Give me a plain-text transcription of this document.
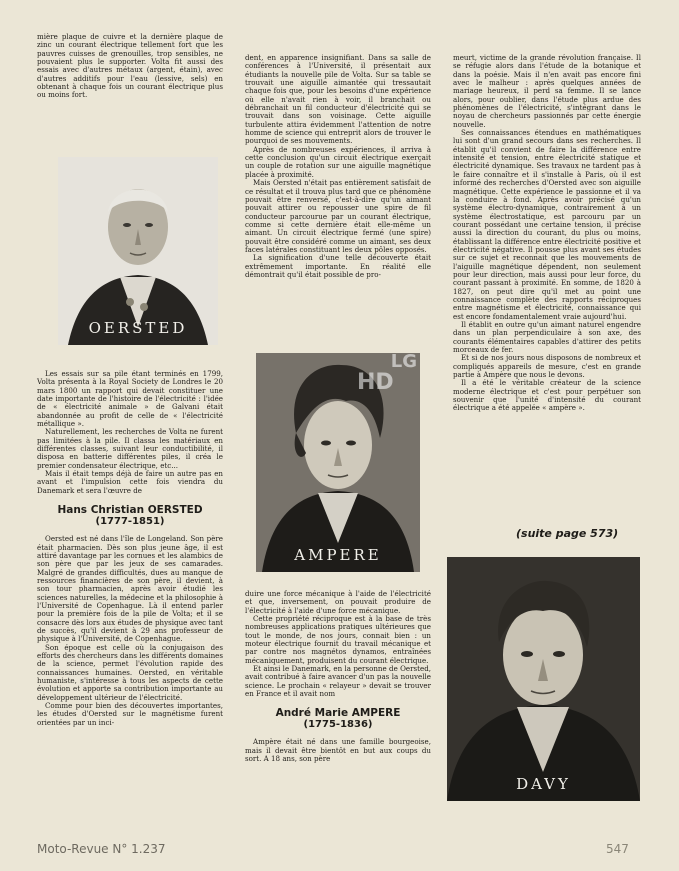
mière plaque de cuivre et la dernière plaque de zinc un courant électrique tellement fort que les pauvres cuisses de grenouilles, trop sensibles, ne pouvaient plus le supporter. Volta fit aussi des essais avec d'autres métaux (argent, étain), avec d'autres additifs pour l'eau (lessive, sels) en obtenant à chaque fois un courant électrique plus ou moins fort.

OERSTED

Les essais sur sa pile étant terminés en 1799, Volta présenta à la Royal Society de Londres le 20 mars 1800 un rapport qui devait constituer une date importante de l'histoire de l'électricité : l'idée de « électricité animale » de Galvani était abandonnée au profit de celle de « l'électricité métallique ».

Naturellement, les recherches de Volta ne furent pas limitées à la pile. Il classa les matériaux en différentes classes, suivant leur conductibilité, il disposa en batterie différentes piles, il créa le premier condensateur électrique, etc...

Mais il était temps déjà de faire un autre pas en avant et l'impulsion cette fois viendra du Danemark et sera l'œuvre de

Hans Christian OERSTED
(1777-1851)

Oersted est né dans l'île de Longeland. Son père était pharmacien. Dès son plus jeune âge, il est attiré davantage par les cornues et les alambics de son père que par les jeux de ses camarades. Malgré de grandes difficultés, dues au manque de ressources financières de son père, il devient, à son tour pharmacien, après avoir étudié les sciences naturelles, la médecine et la philosophie à l'Université de Copenhague. Là il entend parler pour la première fois de la pile de Volta; et il se consacre dès lors aux études de physique avec tant de succès, qu'il devient à 29 ans professeur de physique à l'Université, de Copenhague.

Son époque est celle où la conjugaison des efforts des chercheurs dans les différents domaines de la science, permet l'évolution rapide des connaissances humaines. Oersted, en véritable humaniste, s'intéresse à tous les aspects de cette évolution et apporte sa contribution importante au développement ultérieur de l'électricité.

Comme pour bien des découvertes importantes, les études d'Oersted sur le magnétisme furent orientées par un inci-

dent, en apparence insignifiant. Dans sa salle de conférences à l'Université, il présentait aux étudiants la nouvelle pile de Volta. Sur sa table se trouvait une aiguille aimantée qui tressautait chaque fois que, pour les besoins d'une expérience où elle n'avait rien à voir, il branchait ou débranchait un fil conducteur d'électricité qui se trouvait dans son voisinage. Cette aiguille turbulente attira évidemment l'attention de notre homme de science qui entreprit alors de trouver le pourquoi de ses mouvements.

Après de nombreuses expériences, il arriva à cette conclusion qu'un circuit électrique exerçait un couple de rotation sur une aiguille magnétique placée à proximité.

Mais Oersted n'était pas entièrement satisfait de ce résultat et il trouva plus tard que ce phénomène pouvait être renversé, c'est-à-dire qu'un aimant pouvait attirer ou repousser une spire de fil conducteur parcourue par un courant électrique, comme si cette dernière était elle-même un aimant. Un circuit électrique fermé (une spire) pouvait être considéré comme un aimant, ses deux faces latérales constituant les deux pôles opposés.

La signification d'une telle découverte était extrêmement importante. En réalité elle démontrait qu'il était possible de pro-

AMPERE
LG
HD

duire une force mécanique à l'aide de l'électricité et que, inversement, on pouvait produire de l'électricité à l'aide d'une force mécanique.

Cette propriété réciproque est à la base de très nombreuses applications pratiques ultérieures que tout le monde, de nos jours, connait bien : un moteur électrique fournit du travail mécanique et par contre nos magnétos dynamos, entraînées mécaniquement, produisent du courant électrique.

Et ainsi le Danemark, en la personne de Oersted, avait contribué à faire avancer d'un pas la nouvelle science. Le prochain « relayeur » devait se trouver en France et il avait nom

André Marie AMPERE
(1775-1836)

Ampère était né dans une famille bourgeoise, mais il devait être bientôt en but aux coups du sort. A 18 ans, son père

meurt, victime de la grande révolution française. Il se réfugie alors dans l'étude de la botanique et dans la poésie. Mais il n'en avait pas encore fini avec le malheur : après quelques années de mariage heureux, il perd sa femme. Il se lance alors, pour oublier, dans l'étude plus ardue des phénomènes de l'électricité, s'intégrant dans le noyau de chercheurs passionnés par cette énergie nouvelle.

Ses connaissances étendues en mathématiques lui sont d'un grand secours dans ses recherches. Il établit qu'il convient de faire la différence entre intensité et tension, entre électricité statique et électricité dynamique. Ses travaux ne tardent pas à le faire connaître et il s'installe à Paris, où il est informé des recherches d'Oersted avec son aiguille magnétique. Cette expérience le passionne et il va la conduire à fond. Après avoir précisé qu'un système électro-dynamique, contrairement à un système électrostatique, est parcouru par un courant possédant une certaine tension, il précise aussi la direction du courant, du plus ou moins, établissant la différence entre électricité positive et électricité négative. Il pousse plus avant ses études sur ce sujet et reconnait que les mouvements de l'aiguille magnétique dépendent, non seulement pour leur direction, mais aussi pour leur force, du courant passant à proximité. En somme, de 1820 à 1827, on peut dire qu'il met au point une connaissance complète des rapports réciproques entre magnétisme et électricité, connaissance qui est encore fondamentalement vraie aujourd'hui.

Il établit en outre qu'un aimant naturel engendre dans un plan perpendiculaire à son axe, des courants élémentaires capables d'attirer des petits morceaux de fer.

Et si de nos jours nous disposons de nombreux et compliqués appareils de mesure, c'est en grande partie à Ampère que nous le devons.

Il a été le véritable créateur de la science moderne électrique et c'est pour perpétuer son souvenir que l'unité d'intensité du courant électrique a été appelée « ampère ».

(suite page 573)
DAVY
Moto-Revue N° 1.237	547
